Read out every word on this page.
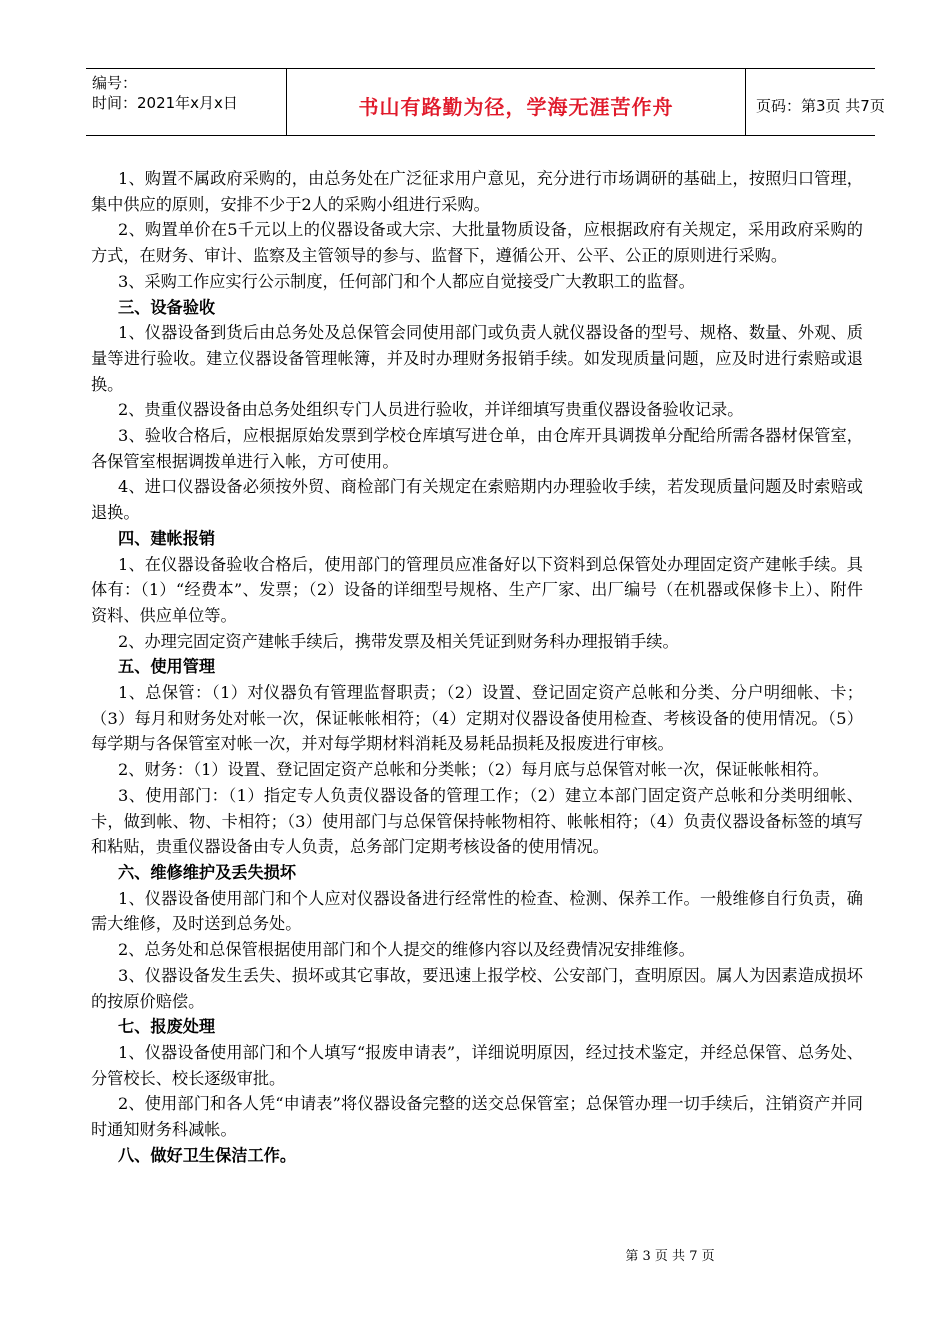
编号：
时间：2021年x月x日	书山有路勤为径，学海无涯苦作舟	页码：第3页 共7页

1、购置不属政府采购的，由总务处在广泛征求用户意见，充分进行市场调研的基础上，按照归口管理，集中供应的原则，安排不少于2人的采购小组进行采购。

2、购置单价在5千元以上的仪器设备或大宗、大批量物质设备，应根据政府有关规定，采用政府采购的方式，在财务、审计、监察及主管领导的参与、监督下，遵循公开、公平、公正的原则进行采购。

3、采购工作应实行公示制度，任何部门和个人都应自觉接受广大教职工的监督。

三、设备验收

1、仪器设备到货后由总务处及总保管会同使用部门或负责人就仪器设备的型号、规格、数量、外观、质量等进行验收。建立仪器设备管理帐簿，并及时办理财务报销手续。如发现质量问题，应及时进行索赔或退换。

2、贵重仪器设备由总务处组织专门人员进行验收，并详细填写贵重仪器设备验收记录。

3、验收合格后，应根据原始发票到学校仓库填写进仓单，由仓库开具调拨单分配给所需各器材保管室，各保管室根据调拨单进行入帐，方可使用。

4、进口仪器设备必须按外贸、商检部门有关规定在索赔期内办理验收手续，若发现质量问题及时索赔或退换。

四、建帐报销

1、在仪器设备验收合格后，使用部门的管理员应准备好以下资料到总保管处办理固定资产建帐手续。具体有：（1）“经费本”、发票；（2）设备的详细型号规格、生产厂家、出厂编号（在机器或保修卡上）、附件资料、供应单位等。

2、办理完固定资产建帐手续后，携带发票及相关凭证到财务科办理报销手续。

五、使用管理

1、总保管：（1）对仪器负有管理监督职责；（2）设置、登记固定资产总帐和分类、分户明细帐、卡；（3）每月和财务处对帐一次，保证帐帐相符；（4）定期对仪器设备使用检查、考核设备的使用情况。（5）每学期与各保管室对帐一次，并对每学期材料消耗及易耗品损耗及报废进行审核。

2、财务：（1）设置、登记固定资产总帐和分类帐；（2）每月底与总保管对帐一次，保证帐帐相符。

3、使用部门：（1）指定专人负责仪器设备的管理工作；（2）建立本部门固定资产总帐和分类明细帐、卡，做到帐、物、卡相符；（3）使用部门与总保管保持帐物相符、帐帐相符；（4）负责仪器设备标签的填写和粘贴，贵重仪器设备由专人负责，总务部门定期考核设备的使用情况。

六、维修维护及丢失损坏

1、仪器设备使用部门和个人应对仪器设备进行经常性的检查、检测、保养工作。一般维修自行负责，确需大维修，及时送到总务处。

2、总务处和总保管根据使用部门和个人提交的维修内容以及经费情况安排维修。

3、仪器设备发生丢失、损坏或其它事故，要迅速上报学校、公安部门，查明原因。属人为因素造成损坏的按原价赔偿。

七、报废处理

1、仪器设备使用部门和个人填写“报废申请表”，详细说明原因，经过技术鉴定，并经总保管、总务处、分管校长、校长逐级审批。

2、使用部门和各人凭“申请表”将仪器设备完整的送交总保管室；总保管办理一切手续后，注销资产并同时通知财务科减帐。

八、做好卫生保洁工作。

第 3 页 共 7 页
